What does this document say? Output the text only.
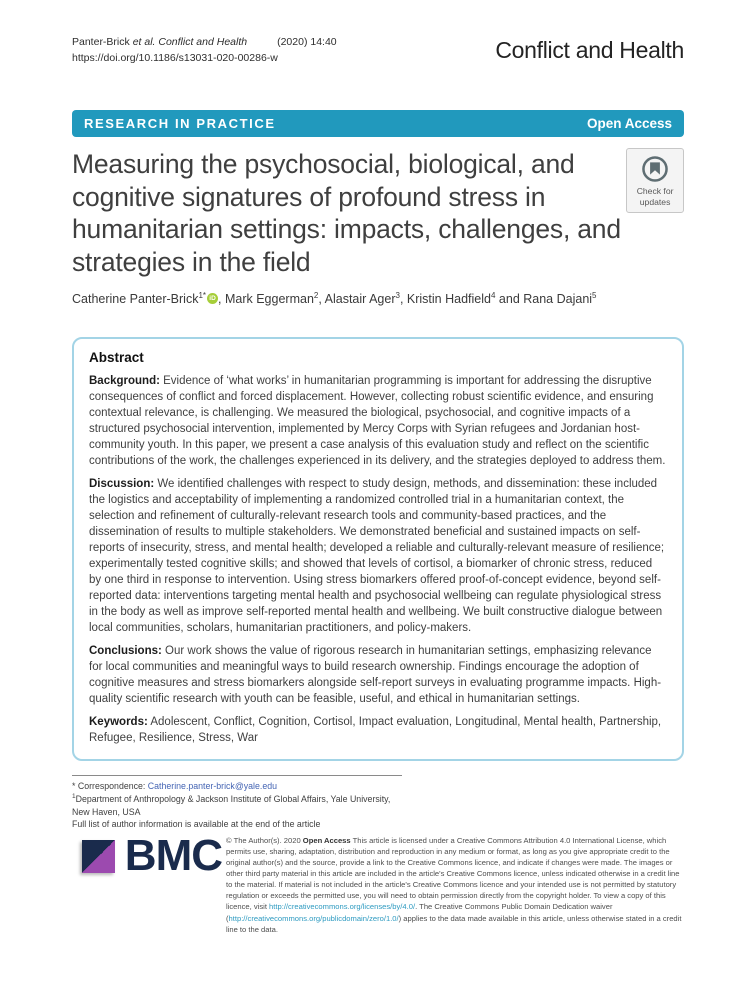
Panter-Brick et al. Conflict and Health	(2020) 14:40
https://doi.org/10.1186/s13031-020-00286-w	Conflict and Health
RESEARCH IN PRACTICE	Open Access
Measuring the psychosocial, biological, and cognitive signatures of profound stress in humanitarian settings: impacts, challenges, and strategies in the field
Check for updates
Catherine Panter-Brick$^{1*}$ iD , Mark Eggerman$^2$, Alastair Ager$^3$, Kristin Hadfield$^4$ and Rana Dajani$^5$
Abstract

Background: Evidence of ‘what works’ in humanitarian programming is important for addressing the disruptive consequences of conflict and forced displacement. However, collecting robust scientific evidence, and ensuring contextual relevance, is challenging. We measured the biological, psychosocial, and cognitive impacts of a structured psychosocial intervention, implemented by Mercy Corps with Syrian refugees and Jordanian host-community youth. In this paper, we present a case analysis of this evaluation study and reflect on the scientific contributions of the work, the challenges experienced in its delivery, and the strategies deployed to address them.

Discussion: We identified challenges with respect to study design, methods, and dissemination: these included the logistics and acceptability of implementing a randomized controlled trial in a humanitarian context, the selection and refinement of culturally-relevant research tools and community-based practices, and the dissemination of results to multiple stakeholders. We demonstrated beneficial and sustained impacts on self-reports of insecurity, stress, and mental health; developed a reliable and culturally-relevant measure of resilience; experimentally tested cognitive skills; and showed that levels of cortisol, a biomarker of chronic stress, reduced by one third in response to intervention. Using stress biomarkers offered proof-of-concept evidence, beyond self-reported data: interventions targeting mental health and psychosocial wellbeing can regulate physiological stress in the body as well as improve self-reported mental health and wellbeing. We built constructive dialogue between local communities, scholars, humanitarian practitioners, and policy-makers.

Conclusions: Our work shows the value of rigorous research in humanitarian settings, emphasizing relevance for local communities and meaningful ways to build research ownership. Findings encourage the adoption of cognitive measures and stress biomarkers alongside self-report surveys in evaluating programme impacts. High-quality scientific research with youth can be feasible, useful, and ethical in humanitarian settings.

Keywords: Adolescent, Conflict, Cognition, Cortisol, Impact evaluation, Longitudinal, Mental health, Partnership, Refugee, Resilience, Stress, War

* Correspondence: Catherine.panter-brick@yale.edu
$^1$Department of Anthropology & Jackson Institute of Global Affairs, Yale University, New Haven, USA
Full list of author information is available at the end of the article
BMC © The Author(s). 2020 Open Access This article is licensed under a Creative Commons Attribution 4.0 International License, which permits use, sharing, adaptation, distribution and reproduction in any medium or format, as long as you give appropriate credit to the original author(s) and the source, provide a link to the Creative Commons licence, and indicate if changes were made. The images or other third party material in this article are included in the article's Creative Commons licence, unless indicated otherwise in a credit line to the material. If material is not included in the article's Creative Commons licence and your intended use is not permitted by statutory regulation or exceeds the permitted use, you will need to obtain permission directly from the copyright holder. To view a copy of this licence, visit http://creativecommons.org/licenses/by/4.0/. The Creative Commons Public Domain Dedication waiver (http://creativecommons.org/publicdomain/zero/1.0/) applies to the data made available in this article, unless otherwise stated in a credit line to the data.
